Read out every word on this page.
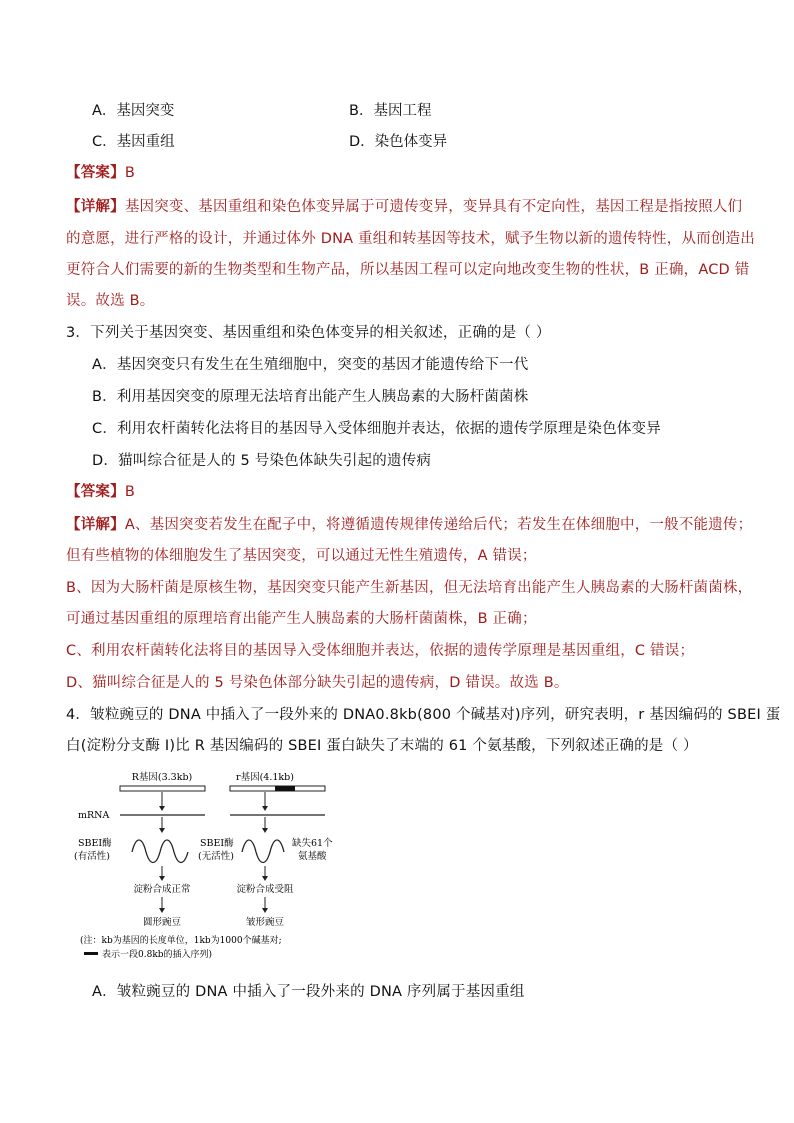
A．基因突变	B．基因工程
C．基因重组	D．染色体变异
【答案】B
【详解】基因突变、基因重组和染色体变异属于可遗传变异，变异具有不定向性，基因工程是指按照人们
的意愿，进行严格的设计，并通过体外 DNA 重组和转基因等技术，赋予生物以新的遗传特性，从而创造出
更符合人们需要的新的生物类型和生物产品，所以基因工程可以定向地改变生物的性状，B 正确，ACD 错
误。故选 B。
3．下列关于基因突变、基因重组和染色体变异的相关叙述，正确的是（ ）
A．基因突变只有发生在生殖细胞中，突变的基因才能遗传给下一代
B．利用基因突变的原理无法培育出能产生人胰岛素的大肠杆菌菌株
C．利用农杆菌转化法将目的基因导入受体细胞并表达，依据的遗传学原理是染色体变异
D．猫叫综合征是人的 5 号染色体缺失引起的遗传病
【答案】B
【详解】A、基因突变若发生在配子中，将遵循遗传规律传递给后代；若发生在体细胞中，一般不能遗传；
但有些植物的体细胞发生了基因突变，可以通过无性生殖遗传，A 错误；
B、因为大肠杆菌是原核生物，基因突变只能产生新基因，但无法培育出能产生人胰岛素的大肠杆菌菌株，
可通过基因重组的原理培育出能产生人胰岛素的大肠杆菌菌株，B 正确；
C、利用农杆菌转化法将目的基因导入受体细胞并表达，依据的遗传学原理是基因重组，C 错误；
D、猫叫综合征是人的 5 号染色体部分缺失引起的遗传病，D 错误。故选 B。
4．皱粒豌豆的 DNA 中插入了一段外来的 DNA0.8kb(800 个碱基对)序列，研究表明，r 基因编码的 SBEI 蛋
白(淀粉分支酶 I)比 R 基因编码的 SBEI 蛋白缺失了末端的 61 个氨基酸，下列叙述正确的是（ ）
R基因(3.3kb)	r基因(4.1kb)
mRNA
SBEI酶
(有活性)
SBEI酶
(无活性)
缺失61个
氨基酸
淀粉合成正常	淀粉合成受阻
圆形豌豆	皱形豌豆
(注：kb为基因的长度单位，1kb为1000个碱基对;
表示一段0.8kb的插入序列)
A．皱粒豌豆的 DNA 中插入了一段外来的 DNA 序列属于基因重组
